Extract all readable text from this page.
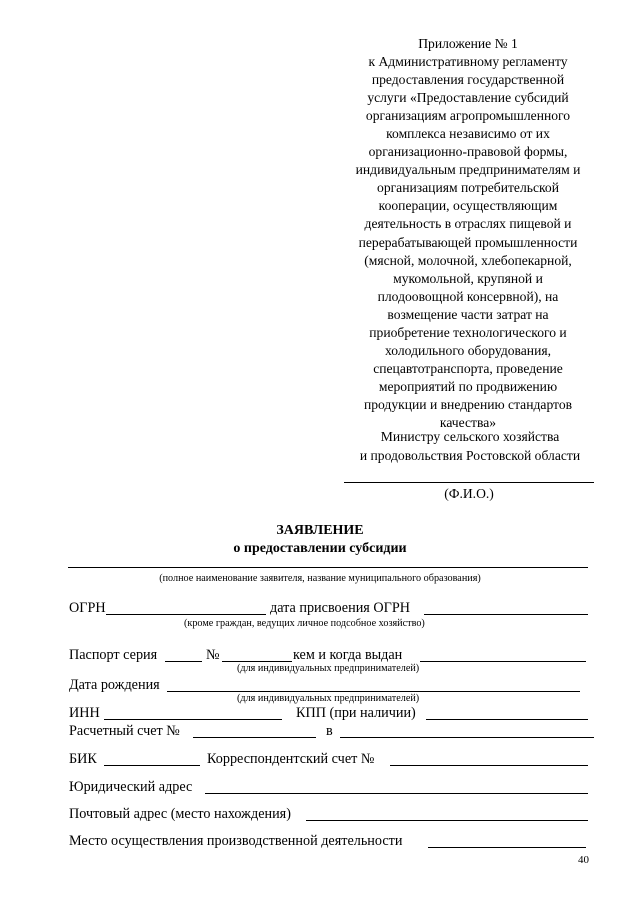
Приложение № 1
к Административному регламенту
предоставления государственной
услуги «Предоставление субсидий
организациям агропромышленного
комплекса независимо от их
организационно-правовой формы,
индивидуальным предпринимателям и
организациям потребительской
кооперации, осуществляющим
деятельность в отраслях пищевой и
перерабатывающей промышленности
(мясной, молочной, хлебопекарной,
мукомольной, крупяной и
плодоовощной консервной), на
возмещение части затрат на
приобретение технологического и
холодильного оборудования,
спецавтотранспорта, проведение
мероприятий по продвижению
продукции и внедрению стандартов
качества»
Министру сельского хозяйства
и продовольствия Ростовской области
(Ф.И.О.)
ЗАЯВЛЕНИЕ
о предоставлении субсидии
(полное наименование заявителя, название муниципального образования)
ОГРН	дата присвоения ОГРН
(кроме граждан, ведущих личное подсобное хозяйство)
Паспорт серия	№	кем и когда выдан
(для индивидуальных предпринимателей)
Дата рождения
(для индивидуальных предпринимателей)
ИНН	КПП (при наличии)
Расчетный счет №	в
БИК	Корреспондентский счет №
Юридический адрес
Почтовый адрес (место нахождения)
Место осуществления производственной деятельности
40
